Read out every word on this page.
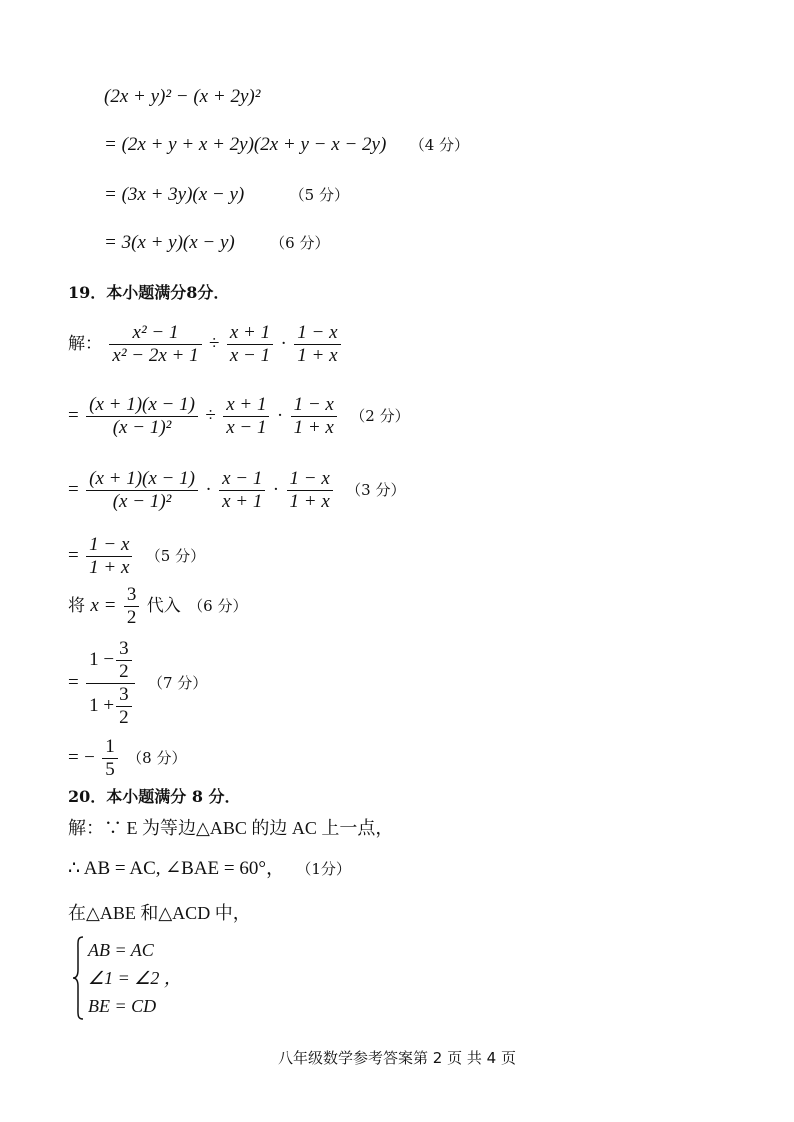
(2x + y)² − (x + 2y)²
= (2x + y + x + 2y)(2x + y − x − 2y) （4 分）
= (3x + 3y)(x − y)	（5 分）
= 3(x + y)(x − y) （6 分）
19．本小题满分8分．
解： $\frac{\text{x² − 1}}{\text{x² − 2x + 1}} \div \frac{x + 1}{x - 1} \cdot \frac{1 - x}{1 + x}$
= $\frac{(x + 1)(x - 1)}{\text{(x − 1)²}} \div \frac{x + 1}{x - 1} \cdot \frac{1 - x}{1 + x} (2$ 分）
= $\frac{(x + 1)(x - 1)}{\text{(x − 1)²}} \cdot \frac{x - 1}{x + 1} \cdot \frac{1 - x}{1 + x} (3$ 分）
= $\frac{1 - x}{1 + x} (5$ 分）
将 $x = \frac{3}{2}$ 代入 （6 分）
= $\frac{1 - \frac{3}{2}}{1 + \frac{3}{2}} (7$ 分）
= − $\frac{1}{5} (8$ 分）
20．本小题满分 8 分．
解：∵ E 为等边△ABC 的边 AC 上一点，
∴ AB = AC, ∠BAE = 60°， （1分）
在△ABE 和△ACD 中，
AB = AC
∠1 = ∠2 ，
BE = CD
八年级数学参考答案第 2 页 共 4 页
